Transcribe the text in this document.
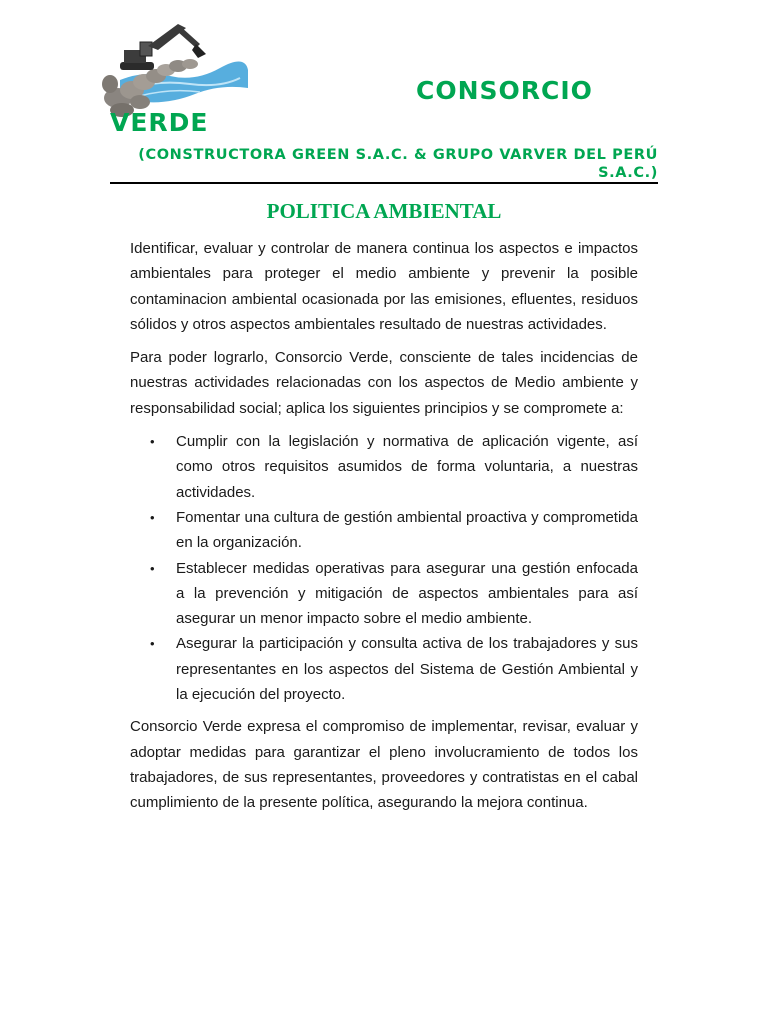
CONSORCIO
VERDE
(CONSTRUCTORA GREEN S.A.C. & GRUPO VARVER DEL PERÚ S.A.C.)
POLITICA AMBIENTAL

Identificar, evaluar y controlar de manera continua los aspectos e impactos ambientales para proteger el medio ambiente y prevenir la posible contaminacion ambiental ocasionada por las emisiones, efluentes, residuos sólidos y otros aspectos ambientales resultado de nuestras actividades.

Para poder lograrlo, Consorcio Verde, consciente de tales incidencias de nuestras actividades relacionadas con los aspectos de Medio ambiente y responsabilidad social; aplica los siguientes principios y se compromete a:

• Cumplir con la legislación y normativa de aplicación vigente, así como otros requisitos asumidos de forma voluntaria, a nuestras actividades.
• Fomentar una cultura de gestión ambiental proactiva y comprometida en la organización.
• Establecer medidas operativas para asegurar una gestión enfocada a la prevención y mitigación de aspectos ambientales para así asegurar un menor impacto sobre el medio ambiente.
• Asegurar la participación y consulta activa de los trabajadores y sus representantes en los aspectos del Sistema de Gestión Ambiental y la ejecución del proyecto.

Consorcio Verde expresa el compromiso de implementar, revisar, evaluar y adoptar medidas para garantizar el pleno involucramiento de todos los trabajadores, de sus representantes, proveedores y contratistas en el cabal cumplimiento de la presente política, asegurando la mejora continua.
